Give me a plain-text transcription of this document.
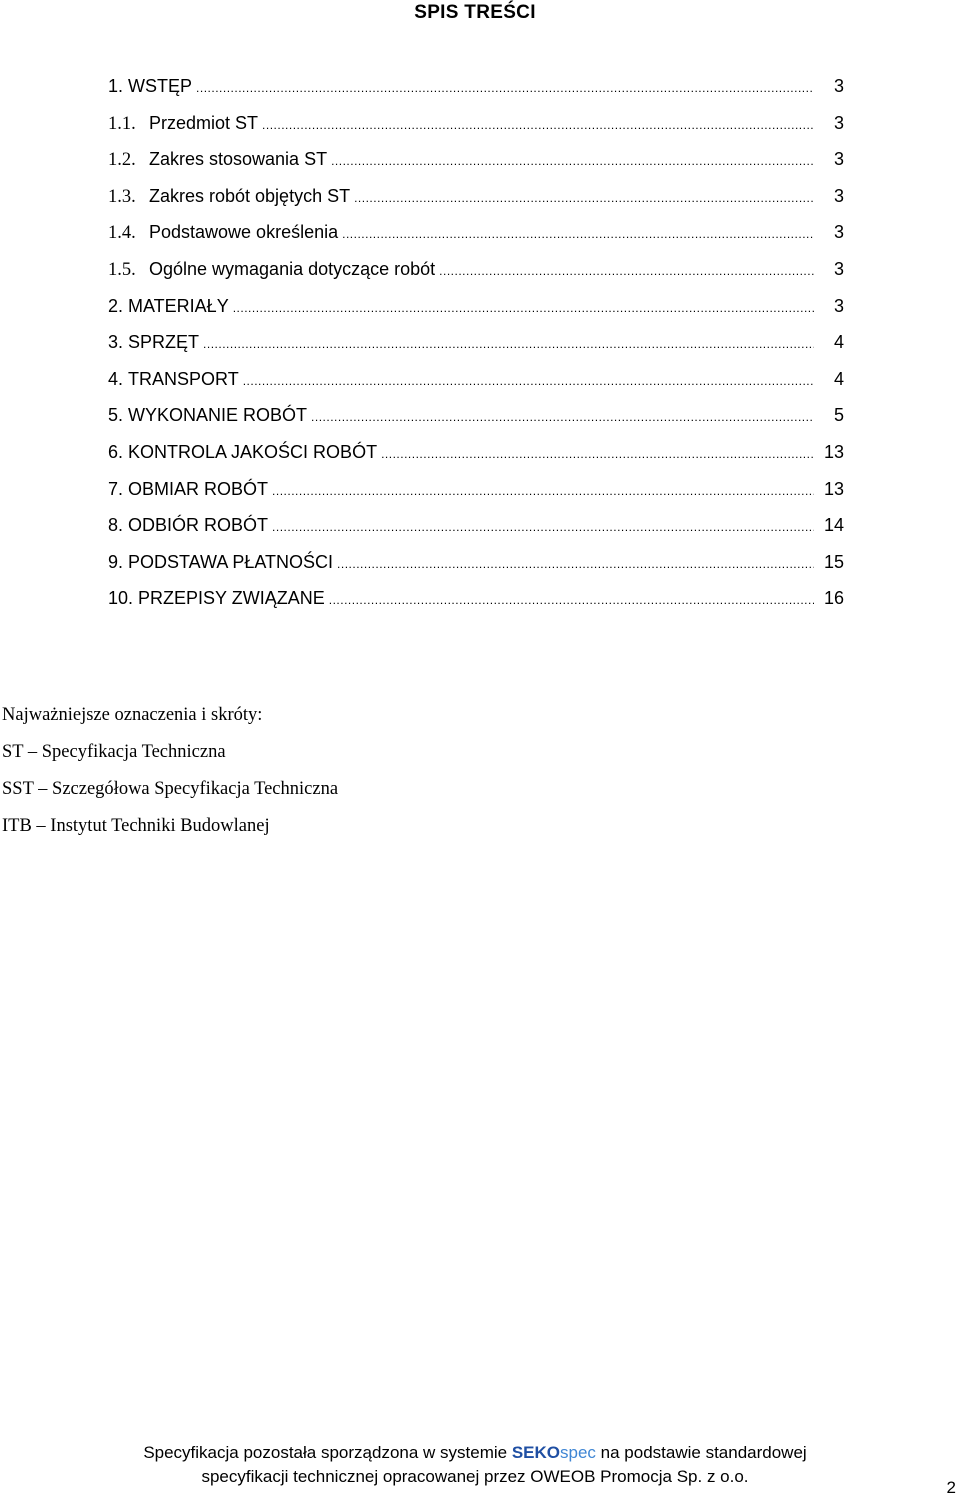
SPIS TREŚCI
1. WSTĘP .....	3
1.1. Przedmiot ST .....	3
1.2. Zakres stosowania ST .....	3
1.3. Zakres robót objętych ST .....	3
1.4. Podstawowe określenia .....	3
1.5. Ogólne wymagania dotyczące robót .....	3
2. MATERIAŁY .....	3
3. SPRZĘT .....	4
4. TRANSPORT .....	4
5. WYKONANIE ROBÓT .....	5
6. KONTROLA JAKOŚCI ROBÓT .....	13
7. OBMIAR ROBÓT .....	13
8. ODBIÓR ROBÓT .....	14
9. PODSTAWA PŁATNOŚCI .....	15
10. PRZEPISY ZWIĄZANE .....	16
Najważniejsze oznaczenia i skróty:
ST – Specyfikacja Techniczna
SST – Szczegółowa Specyfikacja Techniczna
ITB – Instytut Techniki Budowlanej
Specyfikacja pozostała sporządzona w systemie SEKOspec na podstawie standardowej
specyfikacji technicznej opracowanej przez OWEOB Promocja Sp. z o.o.
2
